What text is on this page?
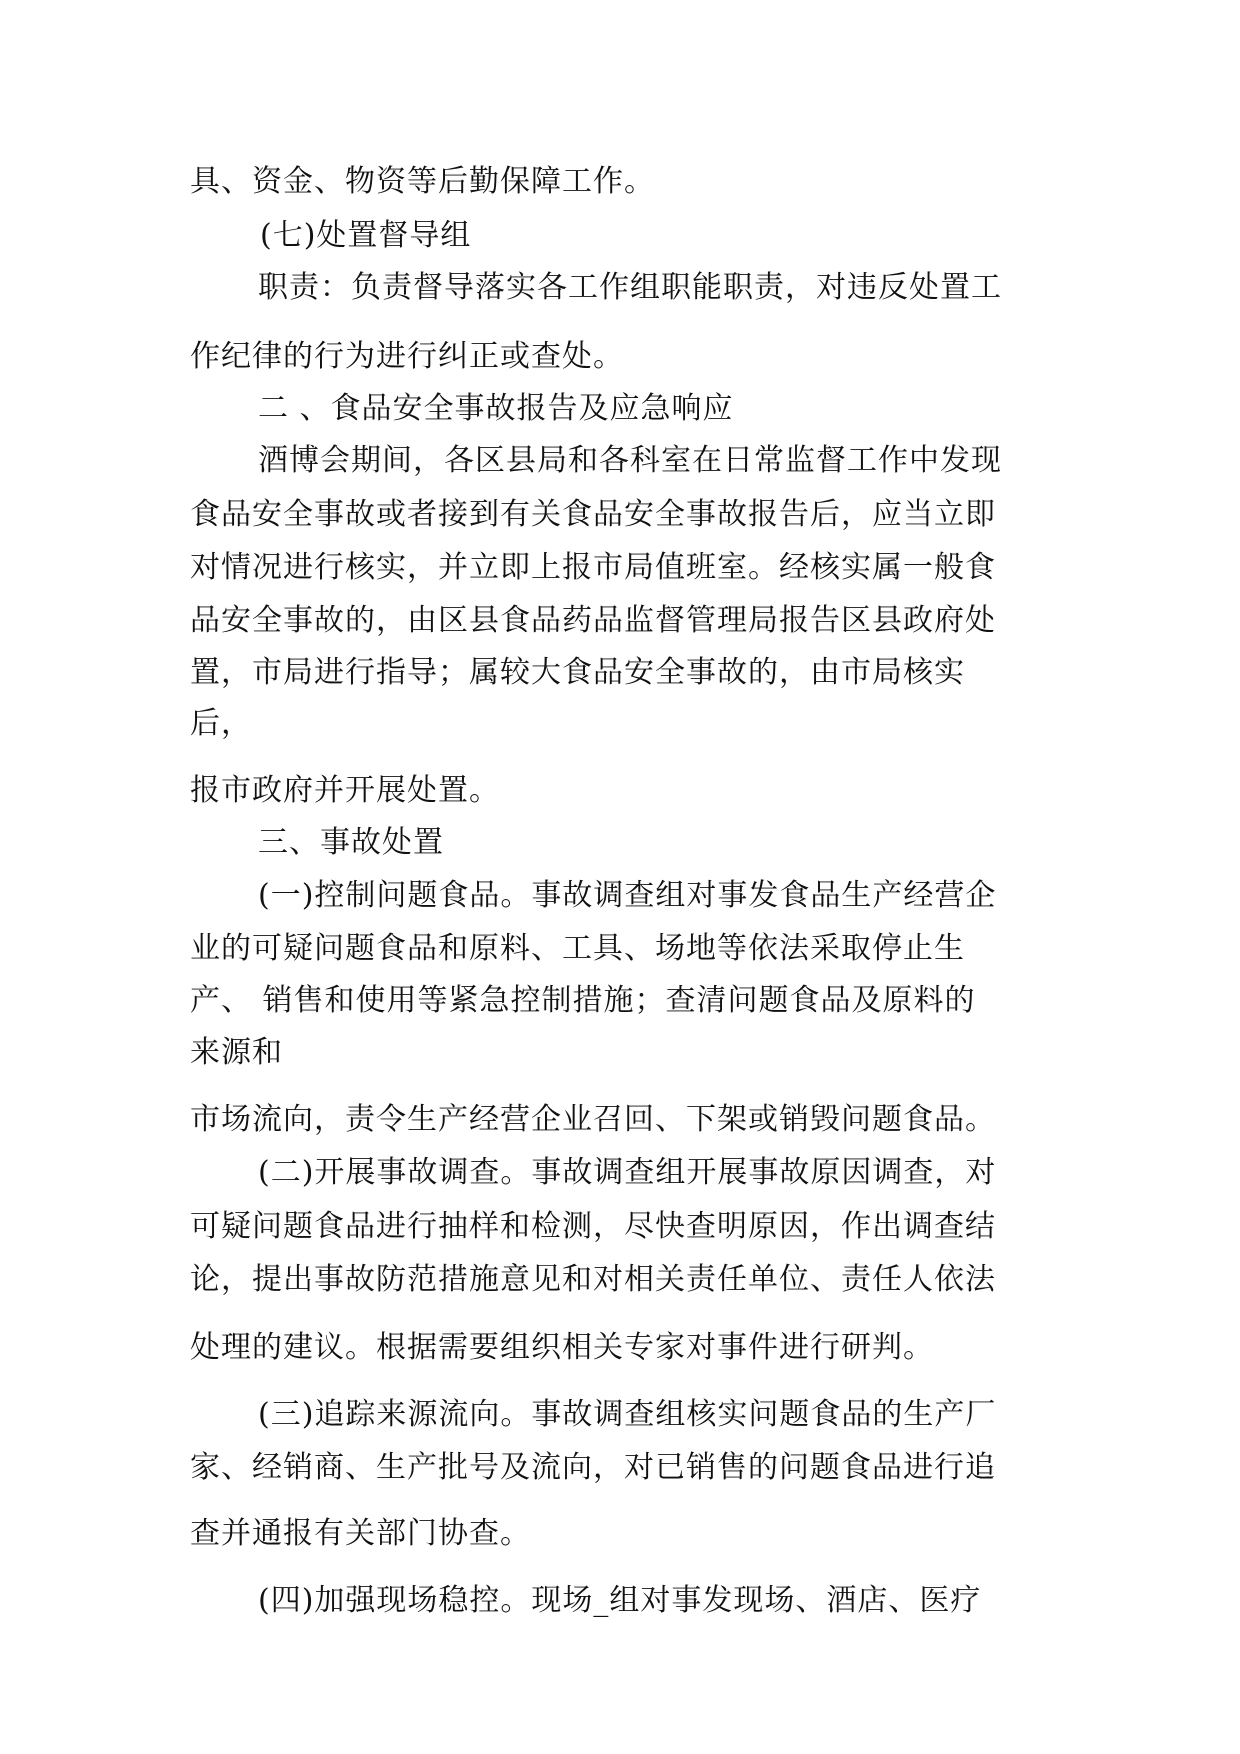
具、资金、物资等后勤保障工作。
(七)处置督导组
职责：负责督导落实各工作组职能职责，对违反处置工
作纪律的行为进行纠正或查处。
二 、食品安全事故报告及应急响应
酒博会期间，各区县局和各科室在日常监督工作中发现
食品安全事故或者接到有关食品安全事故报告后，应当立即
对情况进行核实，并立即上报市局值班室。经核实属一般食
品安全事故的，由区县食品药品监督管理局报告区县政府处
置，市局进行指导；属较大食品安全事故的，由市局核实
后，
报市政府并开展处置。
三、事故处置
(一)控制问题食品。事故调查组对事发食品生产经营企
业的可疑问题食品和原料、工具、场地等依法采取停止生
产、 销售和使用等紧急控制措施；查清问题食品及原料的
来源和
市场流向，责令生产经营企业召回、下架或销毁问题食品。
(二)开展事故调查。事故调查组开展事故原因调查，对
可疑问题食品进行抽样和检测，尽快查明原因，作出调查结
论，提出事故防范措施意见和对相关责任单位、责任人依法
处理的建议。根据需要组织相关专家对事件进行研判。
(三)追踪来源流向。事故调查组核实问题食品的生产厂
家、经销商、生产批号及流向，对已销售的问题食品进行追
查并通报有关部门协查。
(四)加强现场稳控。现场_组对事发现场、酒店、医疗
